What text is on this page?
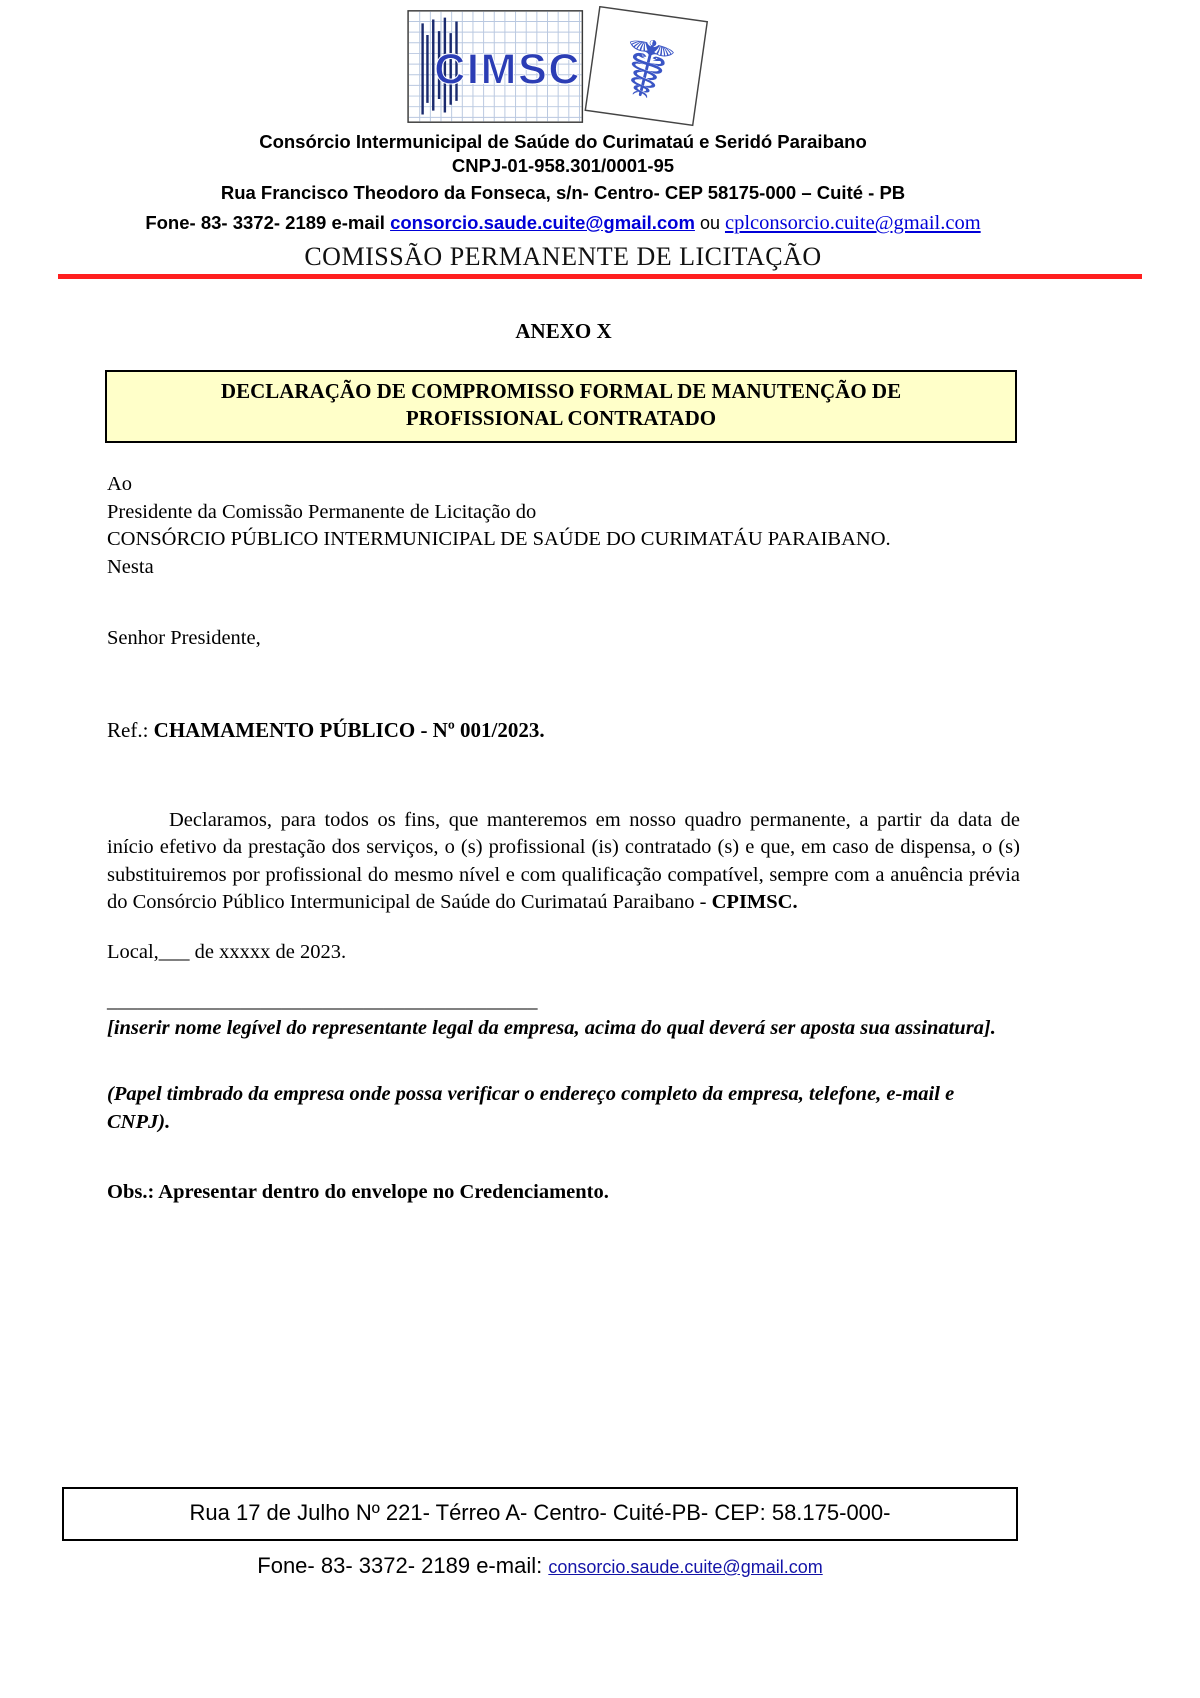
CIMSC ☤
Consórcio Intermunicipal de Saúde do Curimataú e Seridó Paraibano
CNPJ-01-958.301/0001-95
Rua Francisco Theodoro da Fonseca, s/n- Centro- CEP 58175-000 – Cuité - PB
Fone- 83- 3372- 2189 e-mail consorcio.saude.cuite@gmail.com ou cplconsorcio.cuite@gmail.com
COMISSÃO PERMANENTE DE LICITAÇÃO
ANEXO X
DECLARAÇÃO DE COMPROMISSO FORMAL DE MANUTENÇÃO DE
PROFISSIONAL CONTRATADO
Ao
Presidente da Comissão Permanente de Licitação do
CONSÓRCIO PÚBLICO INTERMUNICIPAL DE SAÚDE DO CURIMATÁU PARAIBANO.
Nesta
Senhor Presidente,
Ref.: CHAMAMENTO PÚBLICO - Nº 001/2023.

Declaramos, para todos os fins, que manteremos em nosso quadro permanente, a partir da data de início efetivo da prestação dos serviços, o (s) profissional (is) contratado (s) e que, em caso de dispensa, o (s) substituiremos por profissional do mesmo nível e com qualificação compatível, sempre com a anuência prévia do Consórcio Público Intermunicipal de Saúde do Curimataú Paraibano - CPIMSC.

Local,___ de xxxxx de 2023.
__________________________________________
[inserir nome legível do representante legal da empresa, acima do qual deverá ser aposta sua assinatura].
(Papel timbrado da empresa onde possa verificar o endereço completo da empresa, telefone, e-mail e CNPJ).
Obs.: Apresentar dentro do envelope no Credenciamento.
Rua 17 de Julho Nº 221- Térreo A- Centro- Cuité-PB- CEP: 58.175-000-
Fone- 83- 3372- 2189 e-mail: consorcio.saude.cuite@gmail.com
